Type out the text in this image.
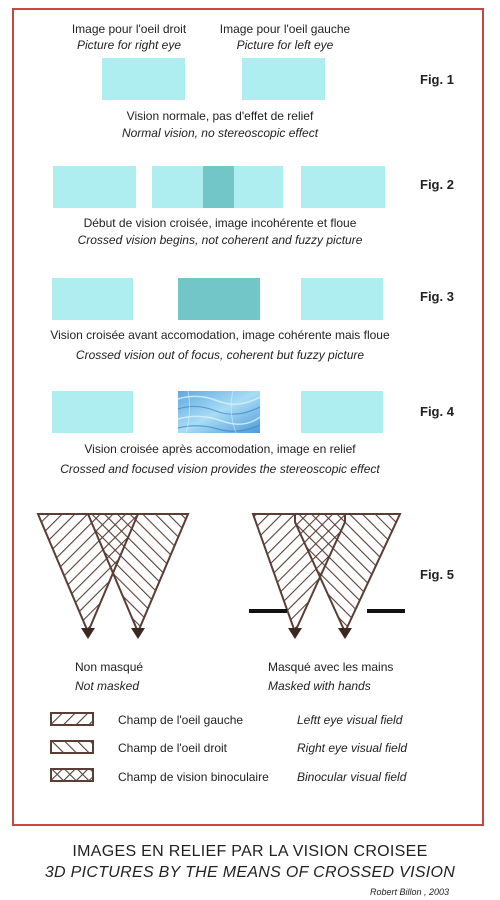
Image pour l'oeil droit
Picture for right eye
Image pour l'oeil gauche
Picture for left eye
Fig. 1
Vision normale, pas d'effet de relief
Normal vision, no stereoscopic effect
Fig. 2
Début de vision croisée, image incohérente et floue
Crossed vision begins, not coherent and fuzzy picture
Fig. 3
Vision croisée avant accomodation, image cohérente mais floue
Crossed vision out of focus, coherent but fuzzy picture
Fig. 4
Vision croisée après accomodation, image en relief
Crossed and focused vision provides the stereoscopic effect
Fig. 5
Non masqué
Not masked
Masqué avec les mains
Masked with hands
Champ de l'oeil gauche	Leftt eye visual field
Champ de l'oeil droit	Right eye visual field
Champ de vision binoculaire Binocular visual field
IMAGES EN RELIEF PAR LA VISION CROISEE
3D PICTURES BY THE MEANS OF CROSSED VISION
Robert Billon , 2003
